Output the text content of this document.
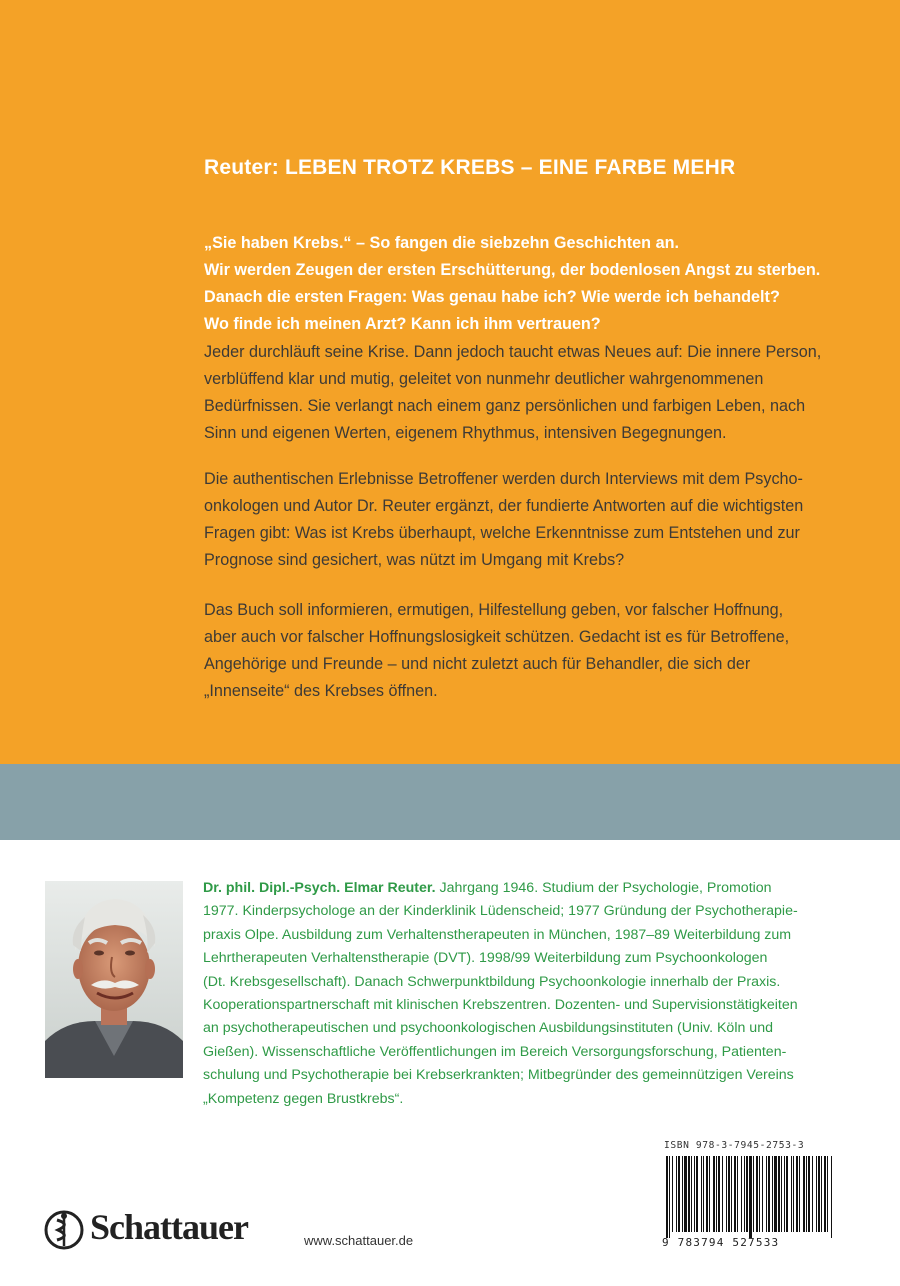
Reuter: LEBEN TROTZ KREBS – EINE FARBE MEHR
„Sie haben Krebs.“ – So fangen die siebzehn Geschichten an.
Wir werden Zeugen der ersten Erschütterung, der bodenlosen Angst zu sterben.
Danach die ersten Fragen: Was genau habe ich? Wie werde ich behandelt?
Wo finde ich meinen Arzt? Kann ich ihm vertrauen?
Jeder durchläuft seine Krise. Dann jedoch taucht etwas Neues auf: Die innere Person,
verblüffend klar und mutig, geleitet von nunmehr deutlicher wahrgenommenen
Bedürfnissen. Sie verlangt nach einem ganz persönlichen und farbigen Leben, nach
Sinn und eigenen Werten, eigenem Rhythmus, intensiven Begegnungen.
Die authentischen Erlebnisse Betroffener werden durch Interviews mit dem Psycho-
onkologen und Autor Dr. Reuter ergänzt, der fundierte Antworten auf die wichtigsten
Fragen gibt: Was ist Krebs überhaupt, welche Erkenntnisse zum Entstehen und zur
Prognose sind gesichert, was nützt im Umgang mit Krebs?
Das Buch soll informieren, ermutigen, Hilfestellung geben, vor falscher Hoffnung,
aber auch vor falscher Hoffnungslosigkeit schützen. Gedacht ist es für Betroffene,
Angehörige und Freunde – und nicht zuletzt auch für Behandler, die sich der
„Innenseite“ des Krebses öffnen.
Dr. phil. Dipl.-Psych. Elmar Reuter. Jahrgang 1946. Studium der Psychologie, Promotion
1977. Kinderpsychologe an der Kinderklinik Lüdenscheid; 1977 Gründung der Psychotherapie-
praxis Olpe. Ausbildung zum Verhaltenstherapeuten in München, 1987–89 Weiterbildung zum
Lehrtherapeuten Verhaltenstherapie (DVT). 1998/99 Weiterbildung zum Psychoonkologen
(Dt. Krebsgesellschaft). Danach Schwerpunktbildung Psychoonkologie innerhalb der Praxis.
Kooperationspartnerschaft mit klinischen Krebszentren. Dozenten- und Supervisionstätigkeiten
an psychotherapeutischen und psychoonkologischen Ausbildungsinstituten (Univ. Köln und
Gießen). Wissenschaftliche Veröffentlichungen im Bereich Versorgungsforschung, Patienten-
schulung und Psychotherapie bei Krebserkrankten; Mitbegründer des gemeinnützigen Vereins
„Kompetenz gegen Brustkrebs“.
ISBN 978-3-7945-2753-3
9 783794 527533
Schattauer	www.schattauer.de
